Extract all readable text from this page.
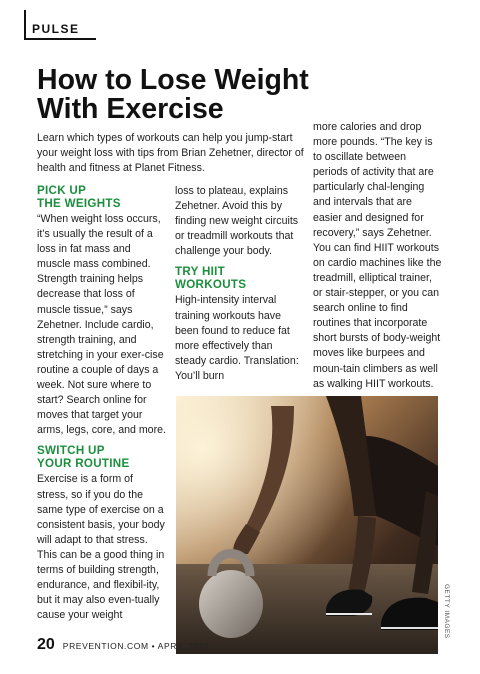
PULSE
How to Lose Weight
With Exercise
Learn which types of workouts can help you jump-start your weight loss with tips from Brian Zehetner, director of health and fitness at Planet Fitness.
PICK UP
THE WEIGHTS

“When weight loss occurs, it’s usually the result of a loss in fat mass and muscle mass combined. Strength training helps decrease that loss of muscle tissue,” says Zehetner. Include cardio, strength training, and stretching in your exer-cise routine a couple of days a week. Not sure where to start? Search online for moves that target your arms, legs, core, and more.

SWITCH UP
YOUR ROUTINE

Exercise is a form of stress, so if you do the same type of exercise on a consistent basis, your body will adapt to that stress. This can be a good thing in terms of building strength, endurance, and flexibil-ity, but it may also even-tually cause your weight

loss to plateau, explains Zehetner. Avoid this by finding new weight circuits or treadmill workouts that challenge your body.

TRY HIIT
WORKOUTS

High-intensity interval training workouts have been found to reduce fat more effectively than steady cardio. Translation: You’ll burn

more calories and drop more pounds. “The key is to oscillate between periods of activity that are particularly chal-lenging and intervals that are easier and designed for recovery,” says Zehetner. You can find HIIT workouts on cardio machines like the treadmill, elliptical trainer, or stair-stepper, or you can search online to find routines that incorporate short bursts of body-weight moves like burpees and moun-tain climbers as well as walking HIIT workouts.

GETTY IMAGES
20 PREVENTION.COM • APRIL 2020
